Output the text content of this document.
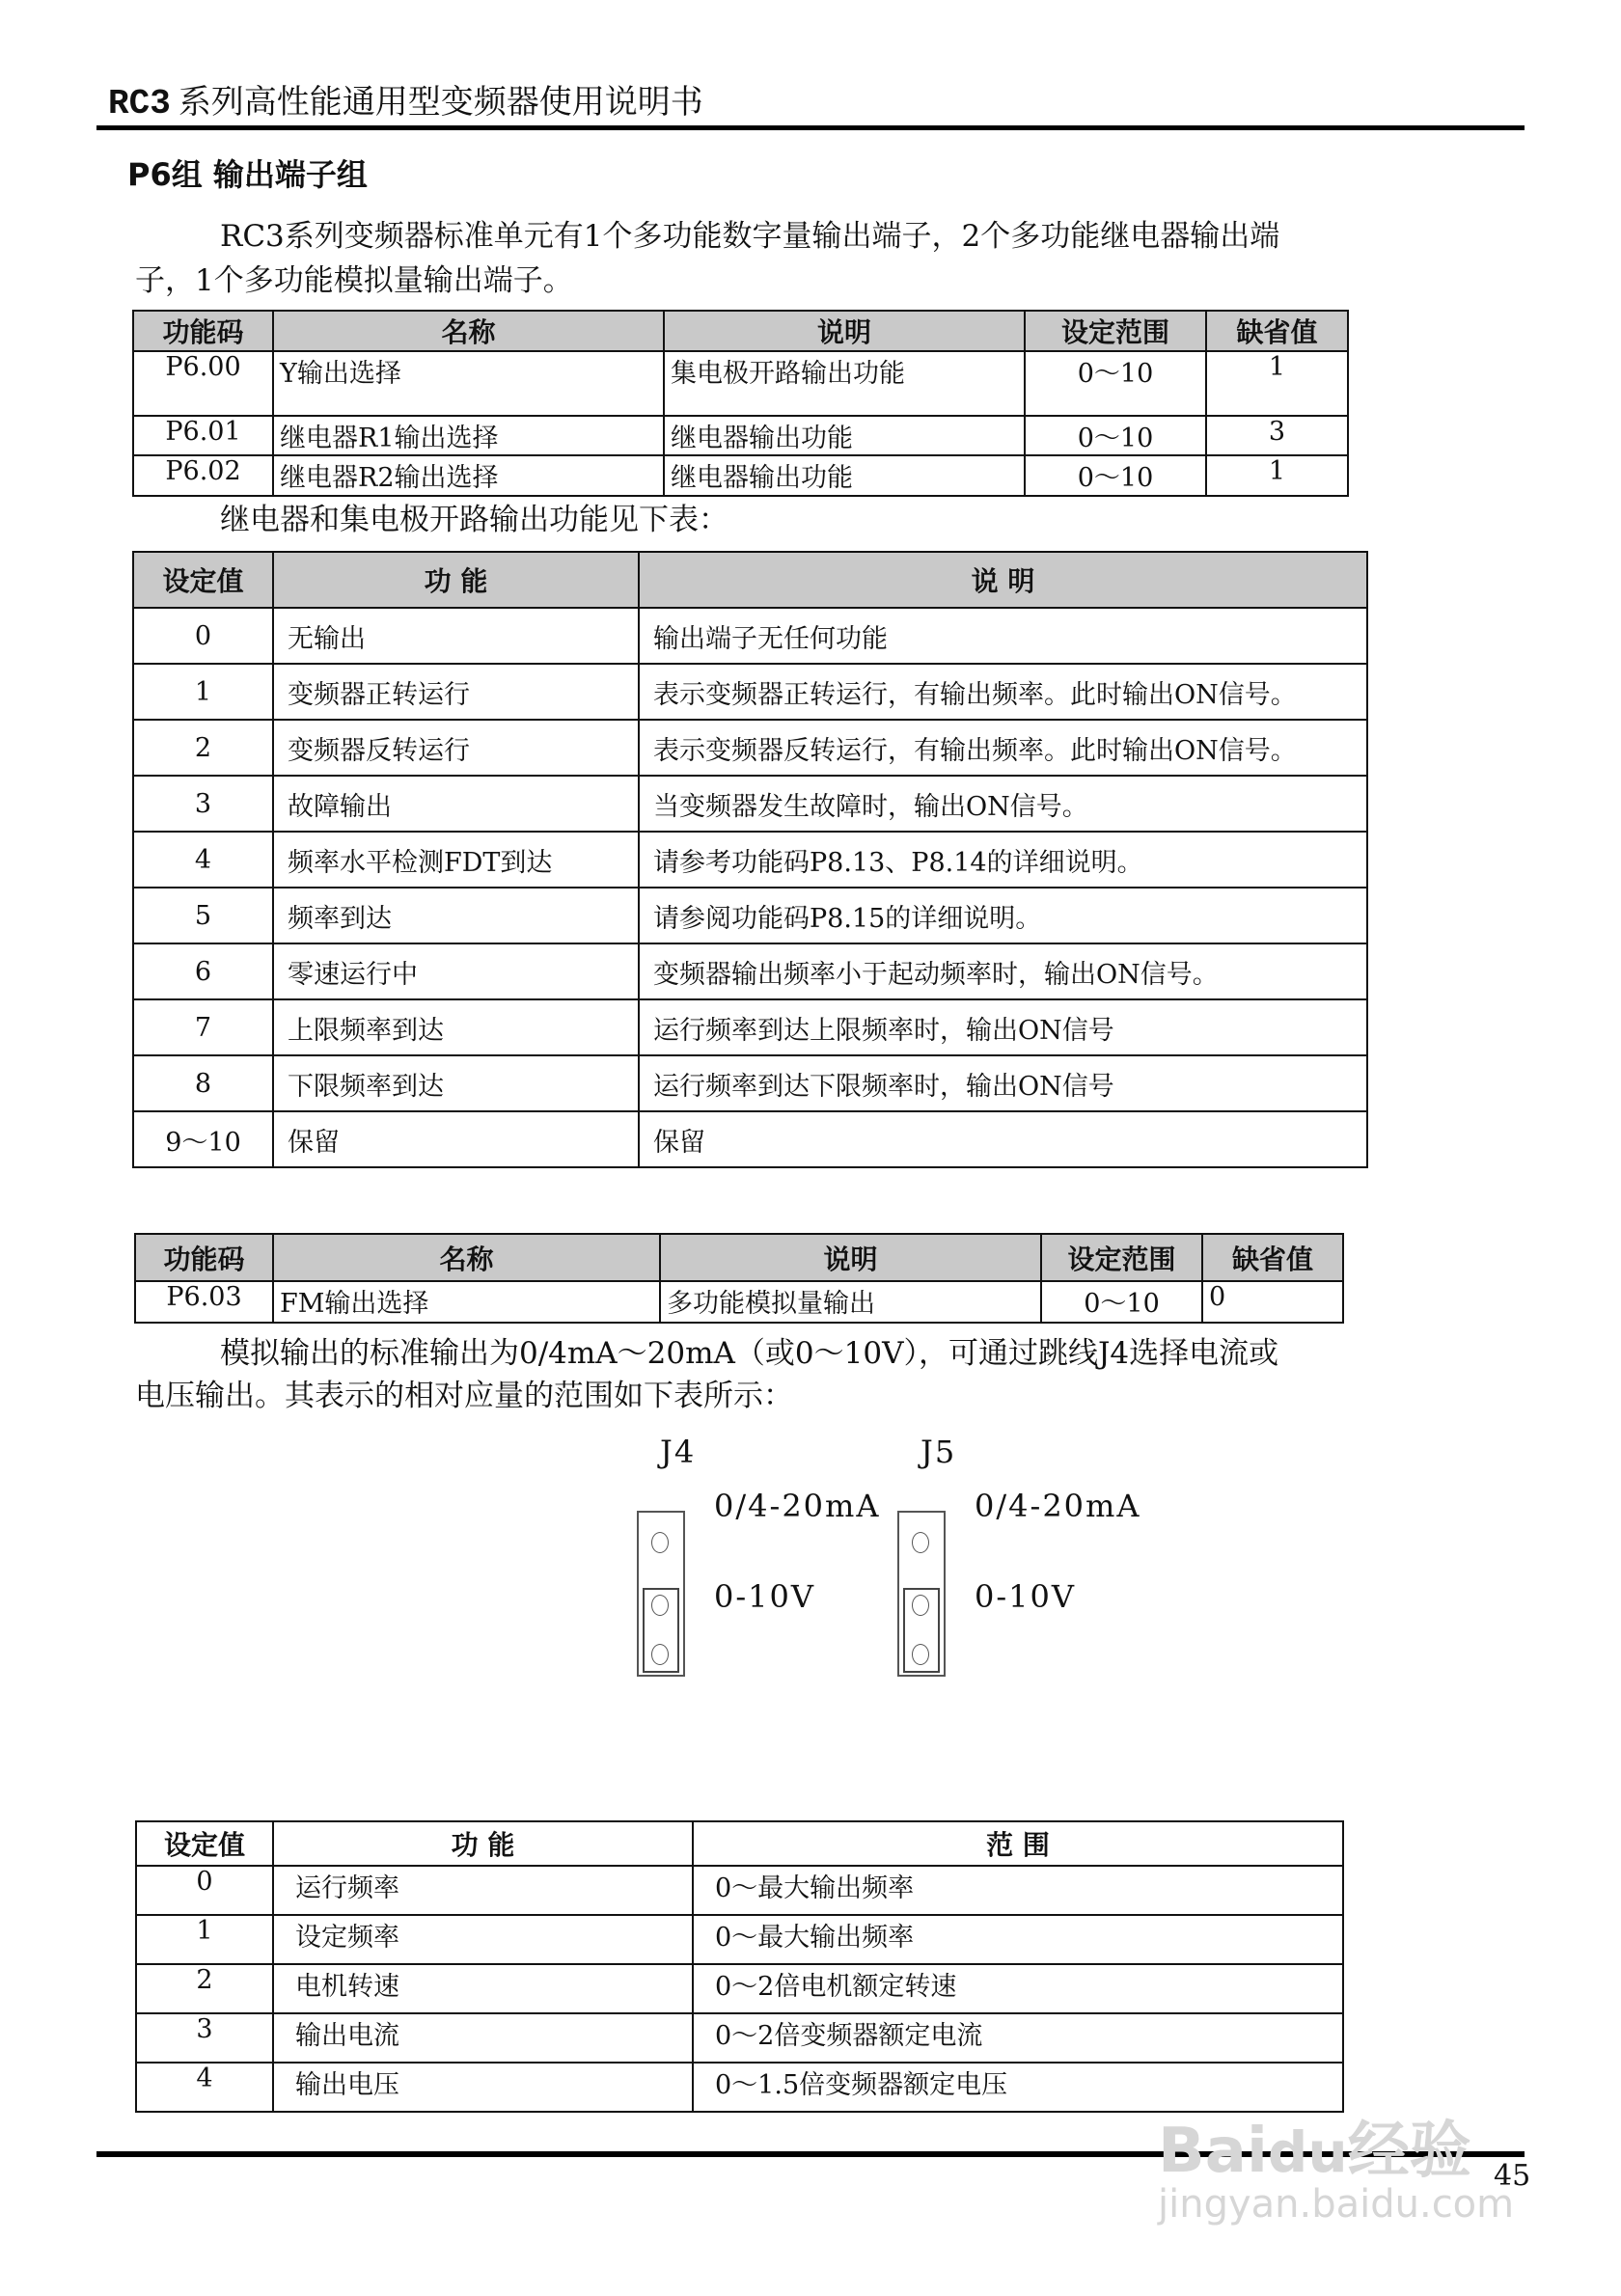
RC3 系列高性能通用型变频器使用说明书
P6组 输出端子组
RC3系列变频器标准单元有1个多功能数字量输出端子，2个多功能继电器输出端
子，1个多功能模拟量输出端子。
功能码	名称	说明	设定范围	缺省值
P6.00	Y输出选择	集电极开路输出功能	0～10	1
P6.01	继电器R1输出选择	继电器输出功能	0～10	3
P6.02	继电器R2输出选择	继电器输出功能	0～10	1
继电器和集电极开路输出功能见下表：
设定值	功 能	说 明
0	无输出	输出端子无任何功能
1	变频器正转运行	表示变频器正转运行，有输出频率。此时输出ON信号。
2	变频器反转运行	表示变频器反转运行，有输出频率。此时输出ON信号。
3	故障输出	当变频器发生故障时，输出ON信号。
4	频率水平检测FDT到达	请参考功能码P8.13、P8.14的详细说明。
5	频率到达	请参阅功能码P8.15的详细说明。
6	零速运行中	变频器输出频率小于起动频率时，输出ON信号。
7	上限频率到达	运行频率到达上限频率时，输出ON信号
8	下限频率到达	运行频率到达下限频率时，输出ON信号
9～10	保留	保留
功能码	名称	说明	设定范围	缺省值
P6.03	FM输出选择	多功能模拟量输出	0～10	0
模拟输出的标准输出为0/4mA～20mA（或0～10V），可通过跳线J4选择电流或
电压输出。其表示的相对应量的范围如下表所示：
J4
0/4-20mA
0-10V
J5
0/4-20mA
0-10V
设定值	功 能	范 围
0	运行频率	0～最大输出频率
1	设定频率	0～最大输出频率
2	电机转速	0～2倍电机额定转速
3	输出电流	0～2倍变频器额定电流
4	输出电压	0～1.5倍变频器额定电压
45
Baidu经验
jingyan.baidu.com
